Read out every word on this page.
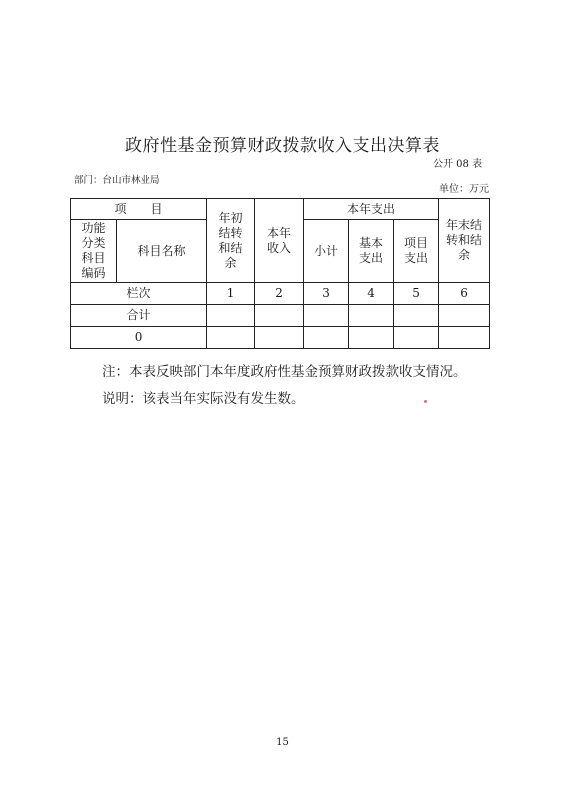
政府性基金预算财政拨款收入支出决算表
公开 08 表
部门：台山市林业局
单位：万元
项　　目		年初结转和结余	本年收入	本年支出			年末结转和结余
功能分类科目编码	科目名称			小计	基本支出	项目支出	
栏次		1	2	3	4	5	6
合计							
0							
注：本表反映部门本年度政府性基金预算财政拨款收支情况。
说明：该表当年实际没有发生数。
15
